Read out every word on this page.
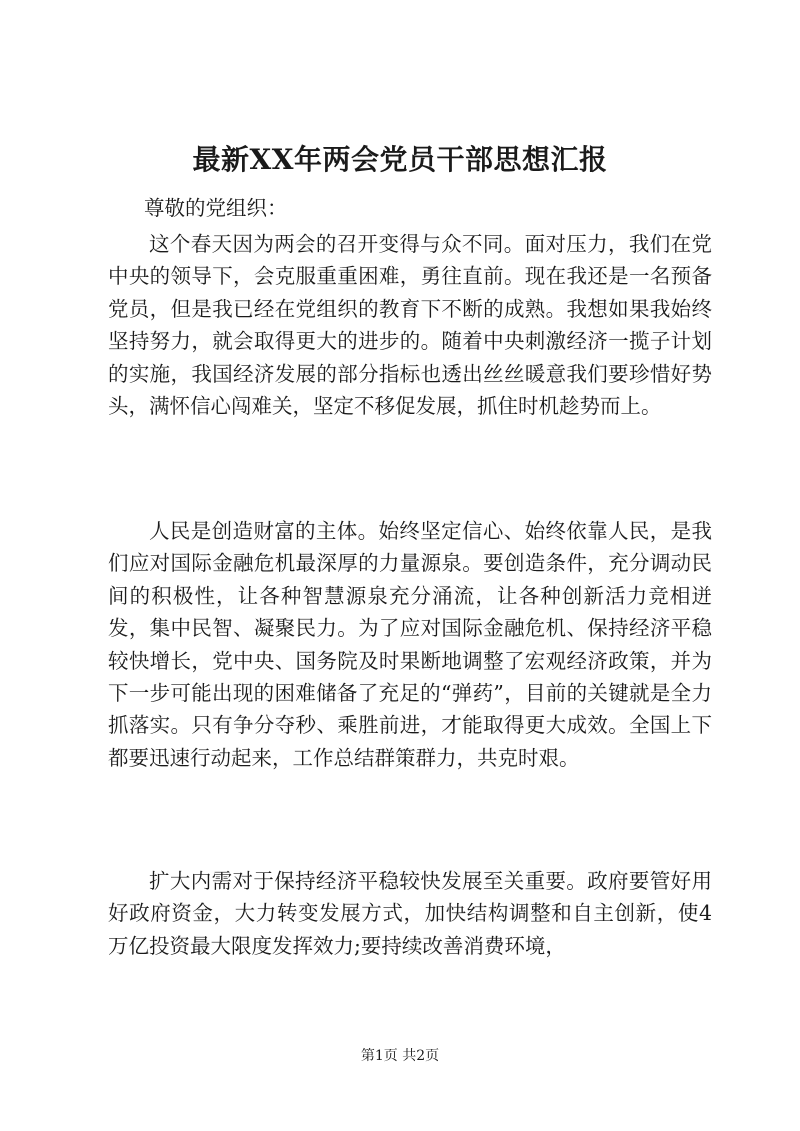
最新XX年两会党员干部思想汇报

尊敬的党组织：

这个春天因为两会的召开变得与众不同。面对压力，我们在党中央的领导下，会克服重重困难，勇往直前。现在我还是一名预备党员，但是我已经在党组织的教育下不断的成熟。我想如果我始终坚持努力，就会取得更大的进步的。随着中央刺激经济一揽子计划的实施，我国经济发展的部分指标也透出丝丝暖意我们要珍惜好势头，满怀信心闯难关，坚定不移促发展，抓住时机趁势而上。

人民是创造财富的主体。始终坚定信心、始终依靠人民，是我们应对国际金融危机最深厚的力量源泉。要创造条件，充分调动民间的积极性，让各种智慧源泉充分涌流，让各种创新活力竞相迸发，集中民智、凝聚民力。为了应对国际金融危机、保持经济平稳较快增长，党中央、国务院及时果断地调整了宏观经济政策，并为下一步可能出现的困难储备了充足的“弹药”，目前的关键就是全力抓落实。只有争分夺秒、乘胜前进，才能取得更大成效。全国上下都要迅速行动起来，工作总结群策群力，共克时艰。

扩大内需对于保持经济平稳较快发展至关重要。政府要管好用好政府资金，大力转变发展方式，加快结构调整和自主创新，使4万亿投资最大限度发挥效力;要持续改善消费环境，

第1页 共2页
